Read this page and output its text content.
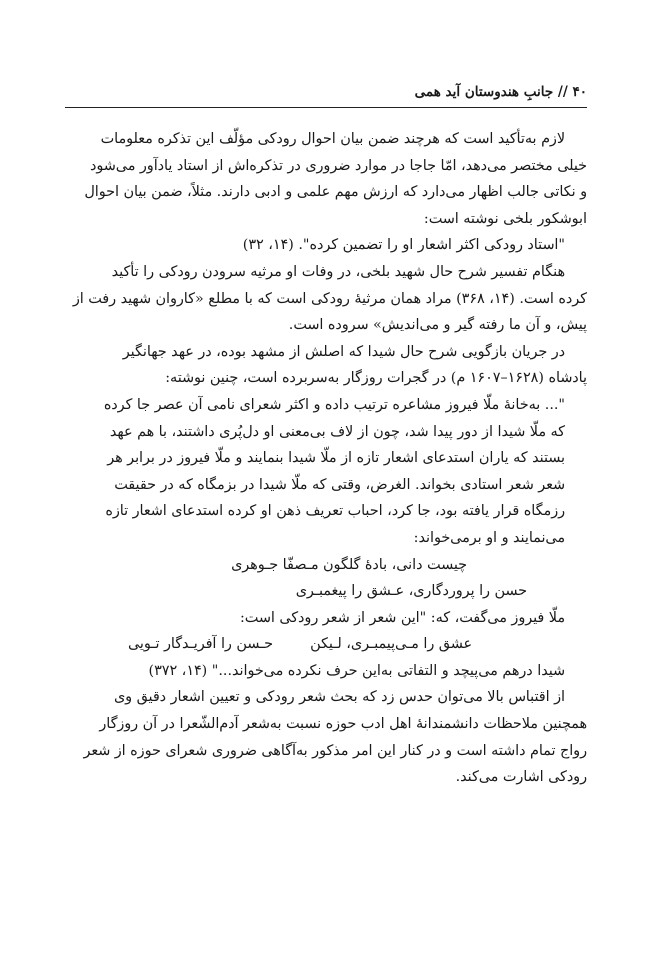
۴۰ // جانبِ هندوستان آید همی
لازم به‌تأکید است که هرچند ضمن بیان احوال رودکی مؤلّف این تذکره معلومات
خیلی مختصر می‌دهد، امّا جاجا در موارد ضروری در تذکره‌اش از استاد یادآور می‌شود
و نکاتی جالب اظهار می‌دارد که ارزش مهم علمی و ادبی دارند. مثلاً، ضمن بیان احوال
ابوشکور بلخی نوشته است:
"استاد رودکی اکثر اشعار او را تضمین کرده". (۱۴، ۳۲)
هنگام تفسیر شرح حال شهید بلخی، در وفات او مرثیه سرودن رودکی را تأکید
کرده است. (۱۴، ۳۶۸) مراد همان مرثیهٔ رودکی است که با مطلع «کاروان شهید رفت از
پیش، و آن ما رفته گیر و می‌اندیش» سروده است.
در جریان بازگویی شرح حال شیدا که اصلش از مشهد بوده، در عهد جهانگیر
پادشاه (۱۶۲۸–۱۶۰۷ م) در گجرات روزگار به‌سربرده است، چنین نوشته:
"... به‌خانهٔ ملّا فیروز مشاعره ترتیب داده و اکثر شعرای نامی آن عصر جا کرده
که ملّا شیدا از دور پیدا شد، چون از لاف بی‌معنی او دل‌پُری داشتند، با هم عهد
بستند که یاران استدعای اشعار تازه از ملّا شیدا بنمایند و ملّا فیروز در برابر هر
شعر شعر استادی بخواند. الغرض، وقتی که ملّا شیدا در بزمگاه که در حقیقت
رزمگاه قرار یافته بود، جا کرد، احباب تعریف ذهن او کرده استدعای اشعار تازه
می‌نمایند و او برمی‌خواند:
چیست دانی، بادهٔ گلگون مـصفّا جـوهری
حسن را پروردگاری، عـشق را پیغمبـری
ملّا فیروز می‌گفت، که: "این شعر از شعر رودکی است:
عشق را مـی‌پیمبـری، لـیکن  حـسن را آفریـدگار تـویی
شیدا درهم می‌پیچد و التفاتی به‌این حرف نکرده می‌خواند..." (۱۴، ۳۷۲)
از اقتباس بالا می‌توان حدس زد که بحث شعر رودکی و تعیین اشعار دقیق وی
همچنین ملاحظات دانشمندانهٔ اهل ادب حوزه نسبت به‌شعر آدم‌الشّعرا در آن روزگار
رواج تمام داشته است و در کنار این امر مذکور به‌آگاهی ضروری شعرای حوزه از شعر
رودکی اشارت می‌کند.
